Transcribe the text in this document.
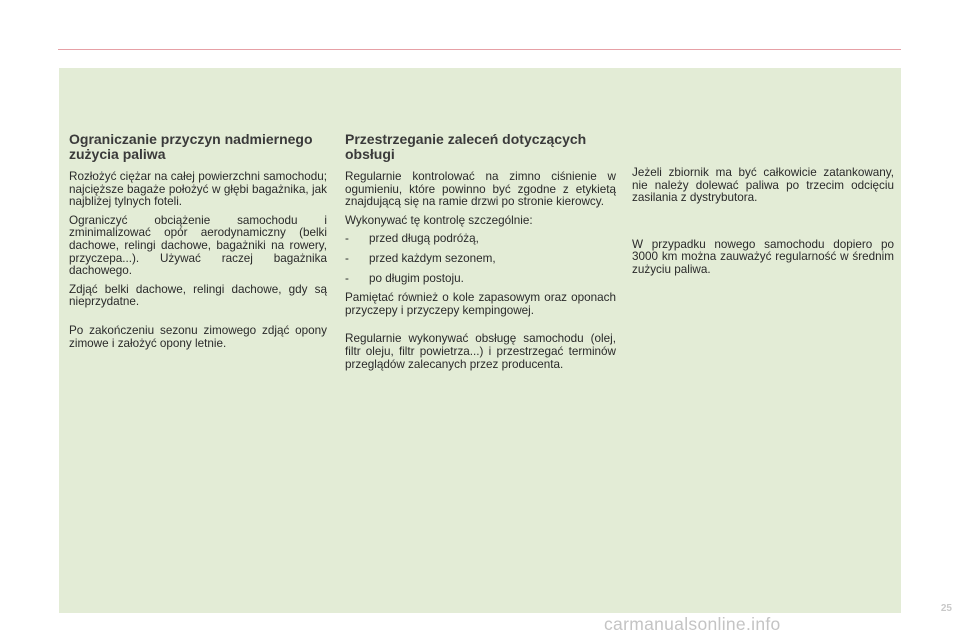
Ograniczanie przyczyn nadmiernego zużycia paliwa

Rozłożyć ciężar na całej powierzchni samochodu; najcięższe bagaże położyć w głębi bagażnika, jak najbliżej tylnych foteli.

Ograniczyć obciążenie samochodu i zminimalizować opór aerodynamiczny (belki dachowe, relingi dachowe, bagażniki na rowery, przyczepa...). Używać raczej bagażnika dachowego.

Zdjąć belki dachowe, relingi dachowe, gdy są nieprzydatne.

Po zakończeniu sezonu zimowego zdjąć opony zimowe i założyć opony letnie.

Przestrzeganie zaleceń dotyczących obsługi

Regularnie kontrolować na zimno ciśnienie w ogumieniu, które powinno być zgodne z etykietą znajdującą się na ramie drzwi po stronie kierowcy.

Wykonywać tę kontrolę szczególnie:

-	przed długą podróżą,
-	przed każdym sezonem,
-	po długim postoju.

Pamiętać również o kole zapasowym oraz oponach przyczepy i przyczepy kempingowej.

Regularnie wykonywać obsługę samochodu (olej, filtr oleju, filtr powietrza...) i przestrzegać terminów przeglądów zalecanych przez producenta.

Jeżeli zbiornik ma być całkowicie zatankowany, nie należy dolewać paliwa po trzecim odcięciu zasilania z dystrybutora.

W przypadku nowego samochodu dopiero po 3000 km można zauważyć regularność w średnim zużyciu paliwa.

25
carmanualsonline.info
